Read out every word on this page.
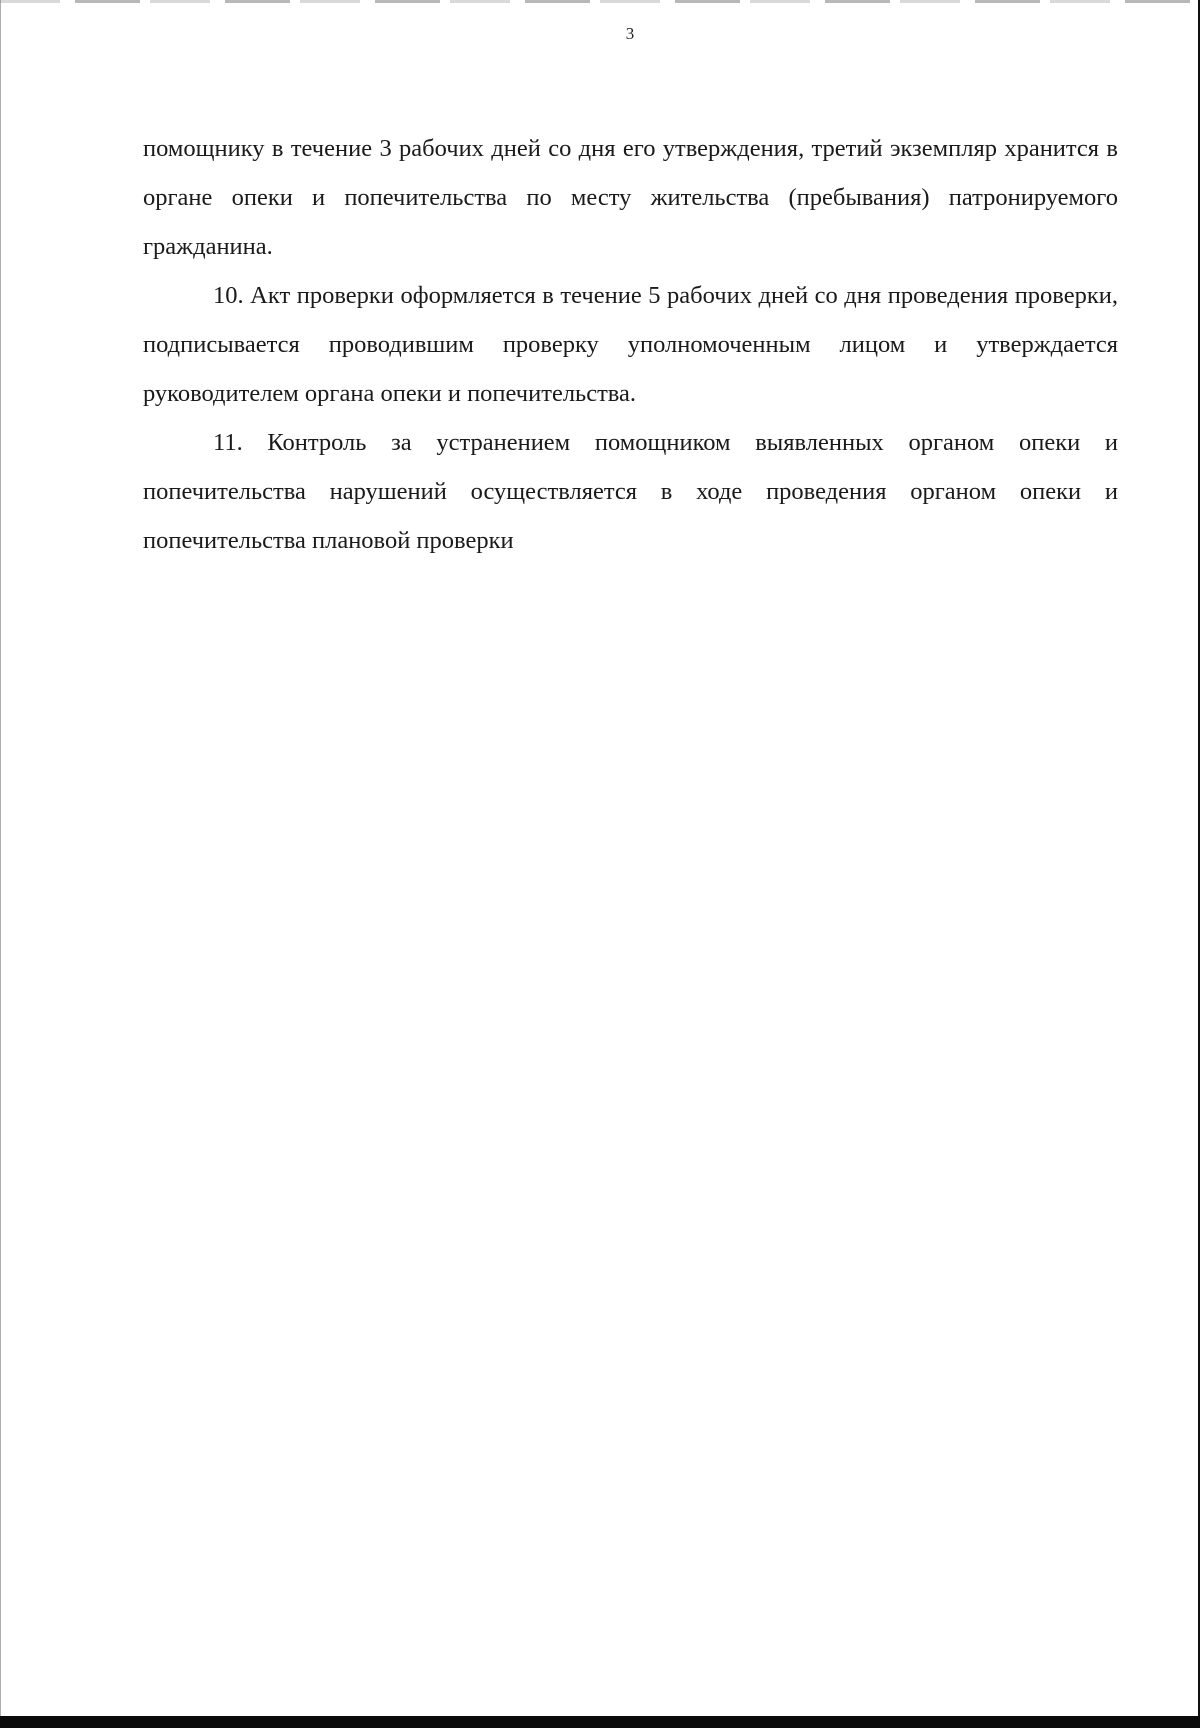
3

помощнику в течение 3 рабочих дней со дня его утверждения, третий экземпляр хранится в органе опеки и попечительства по месту жительства (пребывания) патронируемого гражданина.

10. Акт проверки оформляется в течение 5 рабочих дней со дня проведения проверки, подписывается проводившим проверку уполномоченным лицом и утверждается руководителем органа опеки и попечительства.

11. Контроль за устранением помощником выявленных органом опеки и попечительства нарушений осуществляется в ходе проведения органом опеки и попечительства плановой проверки
